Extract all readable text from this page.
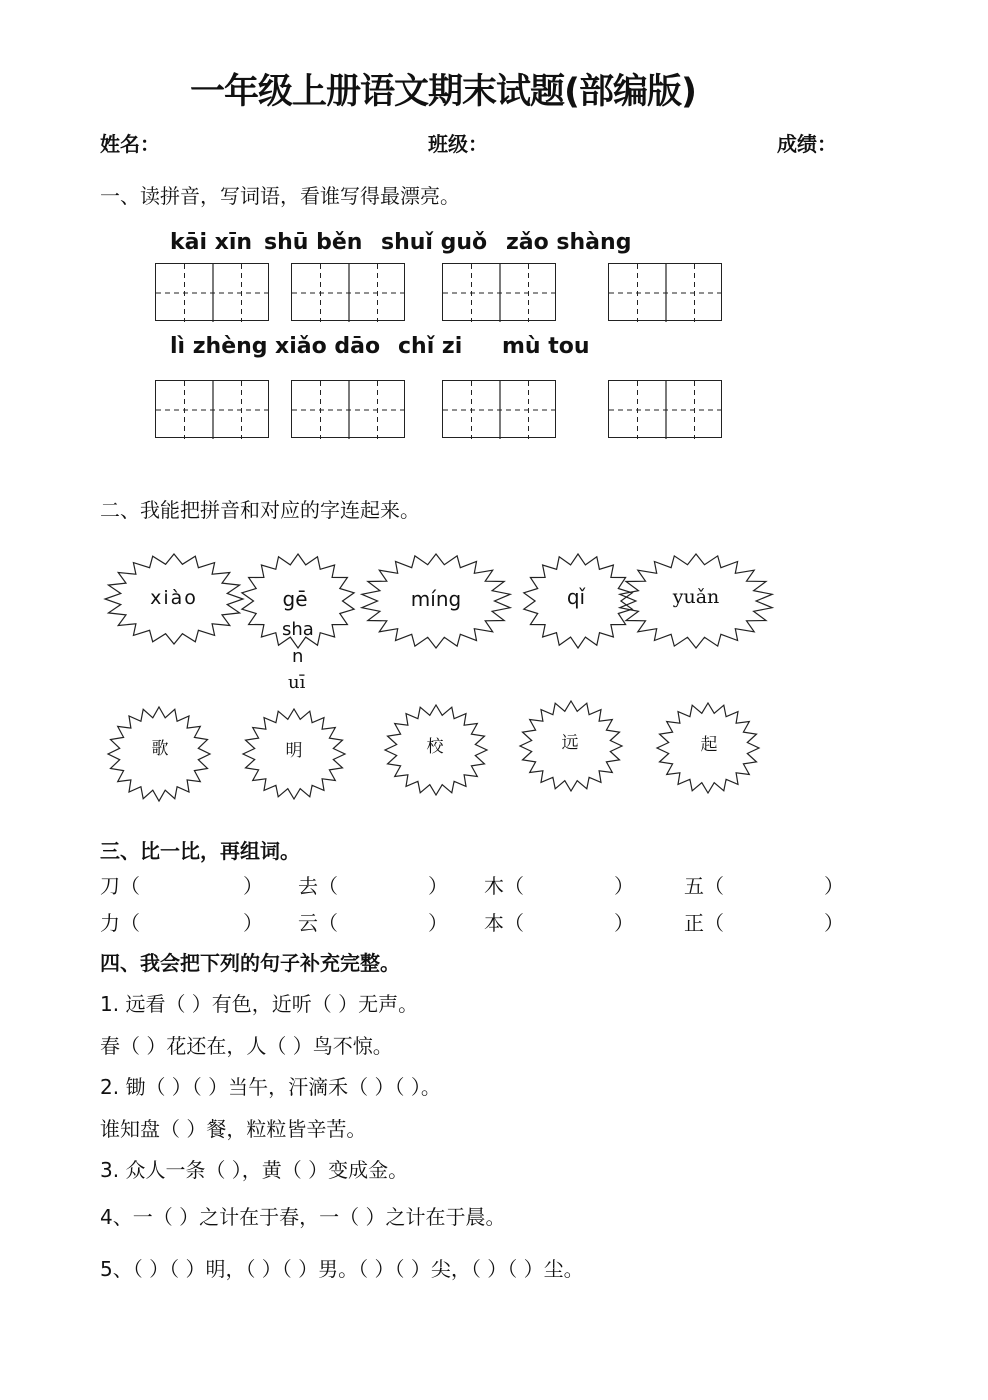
一年级上册语文期末试题(部编版)
姓名：	班级：	成绩：
一、读拼音，写词语，看谁写得最漂亮。
kāi xīn shū běn shuǐ guǒ zǎo shàng
lì zhèng xiǎo dāo chǐ zi mù tou
二、我能把拼音和对应的字连起来。
xiào	gē	míng	qǐ	yuǎn
sha
n
uī
歌	明	校	远	起
三、比一比，再组词。
刀（	） 去（	） 木（	）	五（	）
力（	） 云（	） 本（	）	正（	）
四、我会把下列的句子补充完整。
1. 远看（ ）有色，近听（ ）无声。
春（ ）花还在，人（ ）鸟不惊。
2. 锄（ ）（ ）当午，汗滴禾（ ）（ ）。
谁知盘（ ）餐，粒粒皆辛苦。
3. 众人一条（ ），黄（ ）变成金。
4、一（ ）之计在于春，一（ ）之计在于晨。
5、（ ）（ ）明，（ ）（ ）男。（ ）（ ）尖，（ ）（ ）尘。
